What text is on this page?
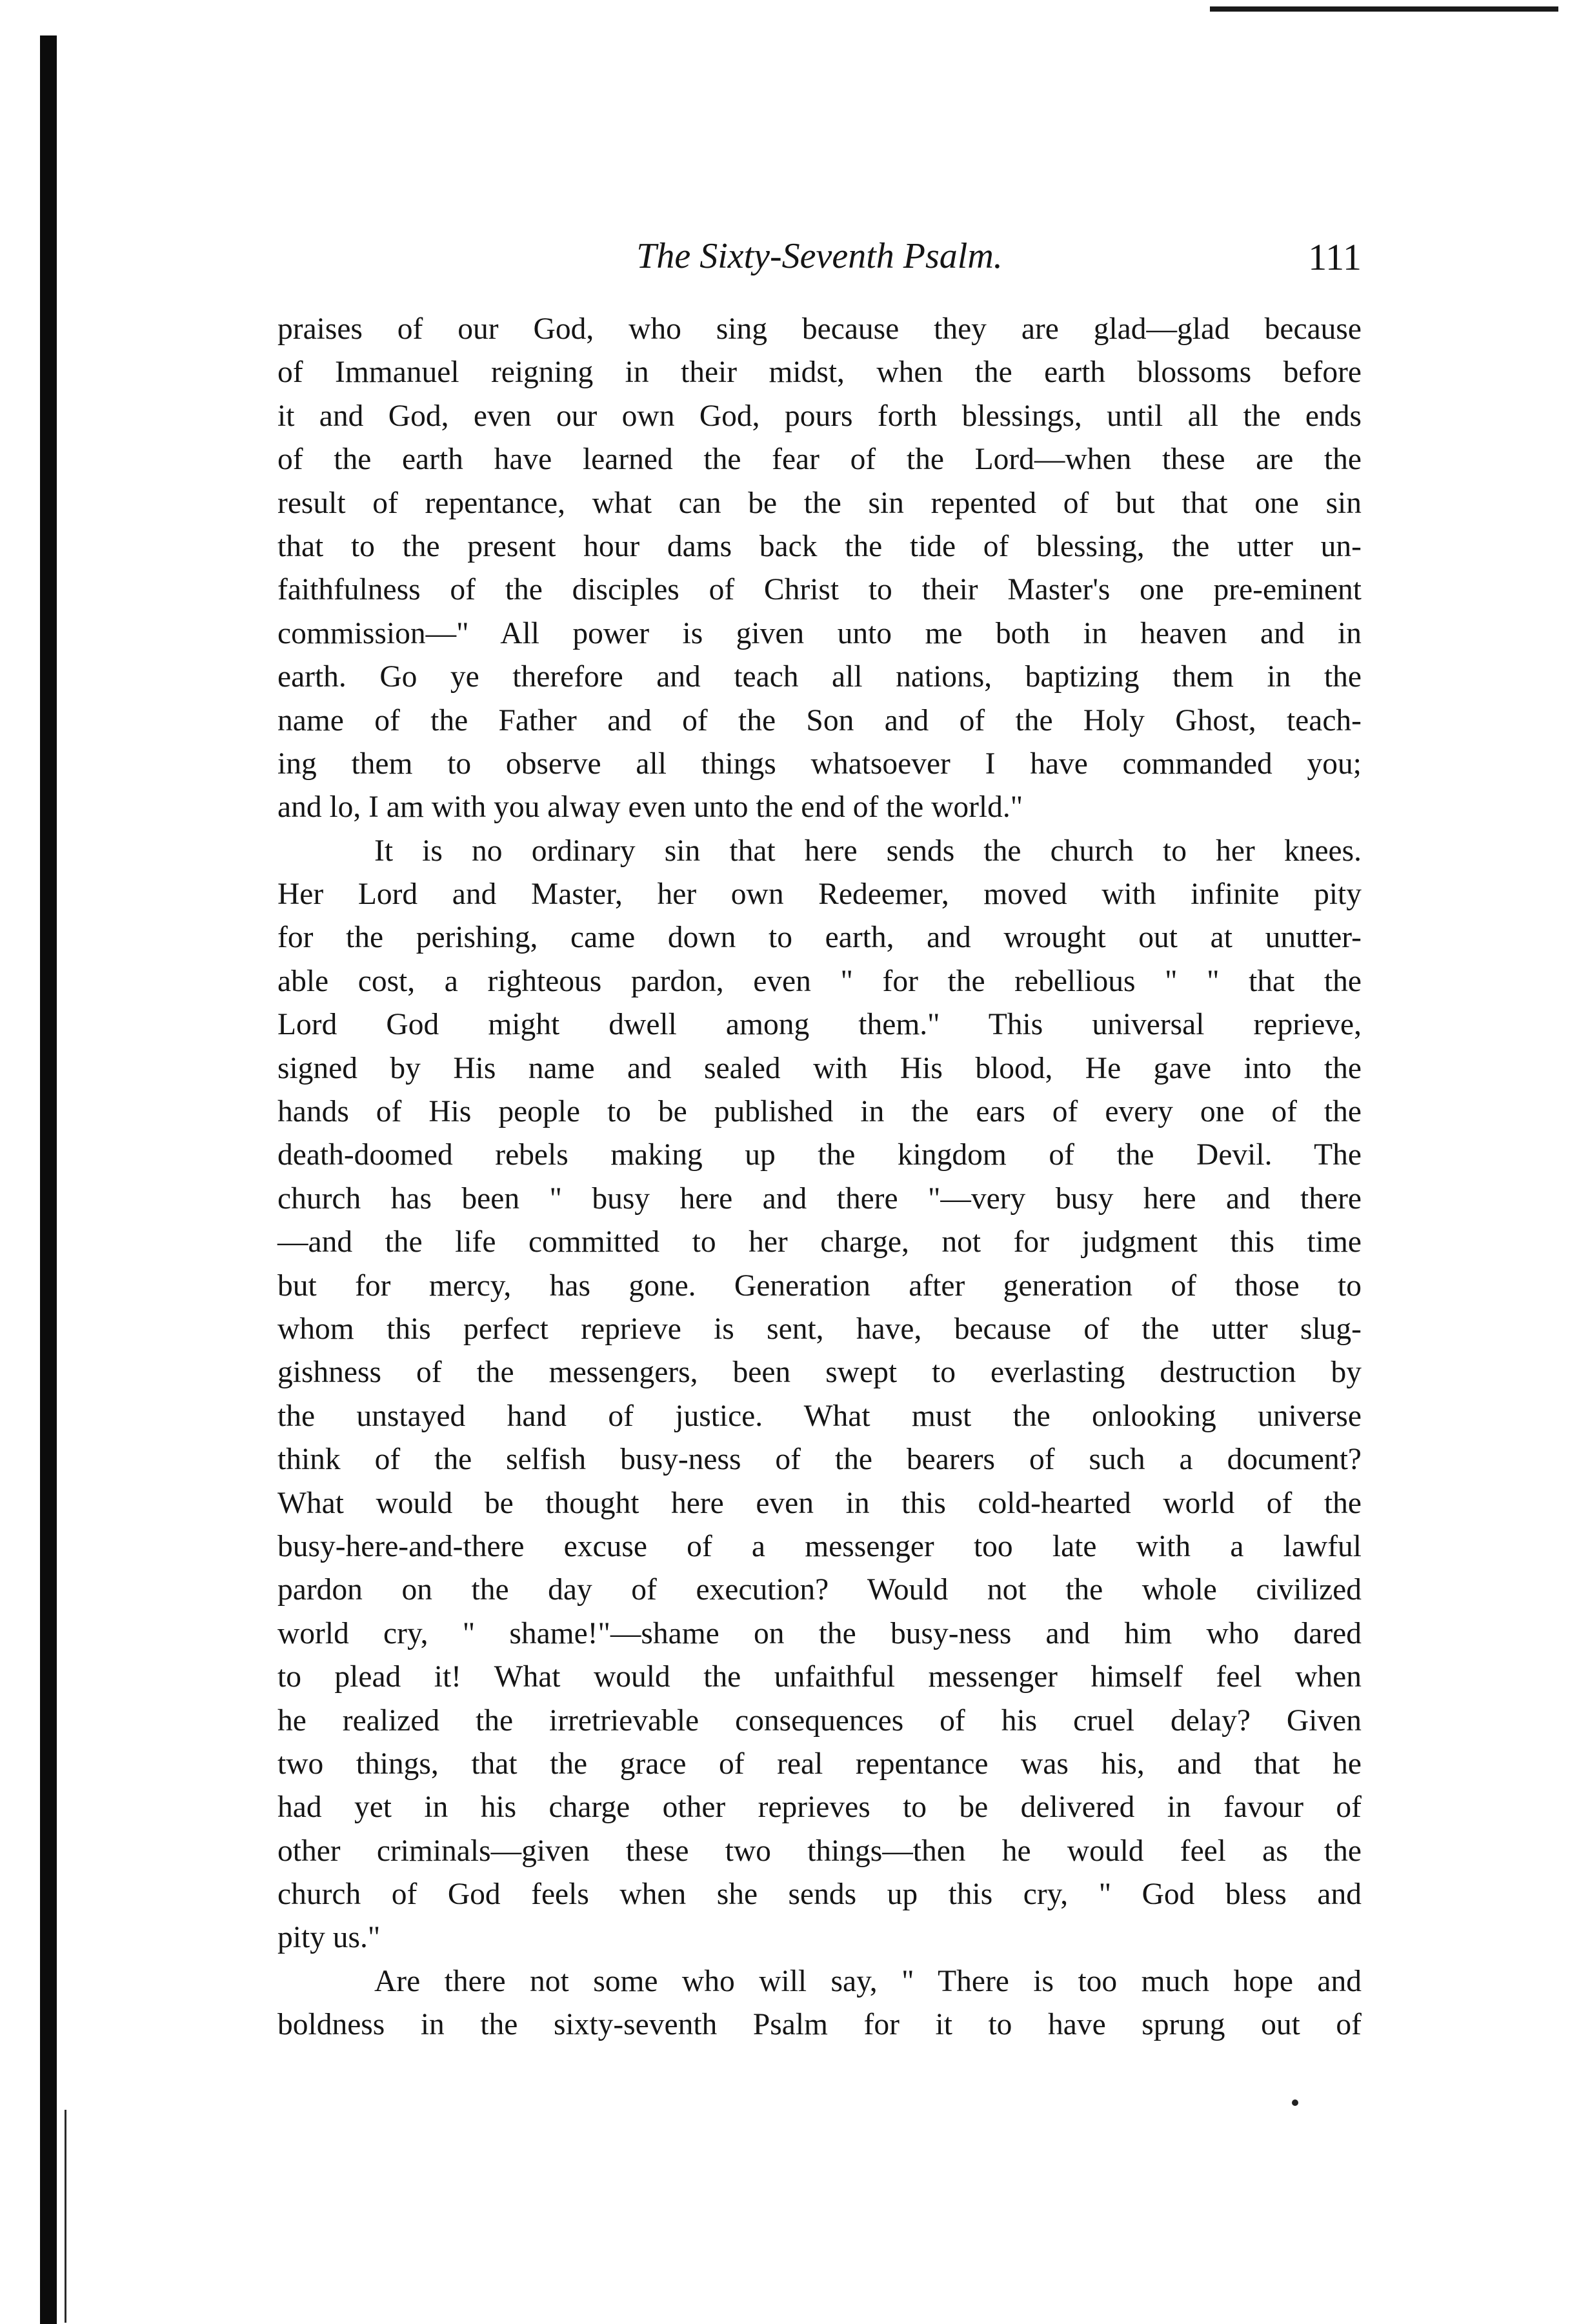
The Sixty-Seventh Psalm.	111
praises of our God, who sing because they are glad—glad because
of Immanuel reigning in their midst, when the earth blossoms before
it and God, even our own God, pours forth blessings, until all the ends
of the earth have learned the fear of the Lord—when these are the
result of repentance, what can be the sin repented of but that one sin
that to the present hour dams back the tide of blessing, the utter un-
faithfulness of the disciples of Christ to their Master's one pre-eminent
commission—" All power is given unto me both in heaven and in
earth. Go ye therefore and teach all nations, baptizing them in the
name of the Father and of the Son and of the Holy Ghost, teach-
ing them to observe all things whatsoever I have commanded you;
and lo, I am with you alway even unto the end of the world."
It is no ordinary sin that here sends the church to her knees.
Her Lord and Master, her own Redeemer, moved with infinite pity
for the perishing, came down to earth, and wrought out at unutter-
able cost, a righteous pardon, even " for the rebellious " " that the
Lord God might dwell among them." This universal reprieve,
signed by His name and sealed with His blood, He gave into the
hands of His people to be published in the ears of every one of the
death-doomed rebels making up the kingdom of the Devil. The
church has been " busy here and there "—very busy here and there
—and the life committed to her charge, not for judgment this time
but for mercy, has gone. Generation after generation of those to
whom this perfect reprieve is sent, have, because of the utter slug-
gishness of the messengers, been swept to everlasting destruction by
the unstayed hand of justice. What must the onlooking universe
think of the selfish busy-ness of the bearers of such a document?
What would be thought here even in this cold-hearted world of the
busy-here-and-there excuse of a messenger too late with a lawful
pardon on the day of execution? Would not the whole civilized
world cry, " shame!"—shame on the busy-ness and him who dared
to plead it! What would the unfaithful messenger himself feel when
he realized the irretrievable consequences of his cruel delay? Given
two things, that the grace of real repentance was his, and that he
had yet in his charge other reprieves to be delivered in favour of
other criminals—given these two things—then he would feel as the
church of God feels when she sends up this cry, " God bless and
pity us."
Are there not some who will say, " There is too much hope and
boldness in the sixty-seventh Psalm for it to have sprung out of
